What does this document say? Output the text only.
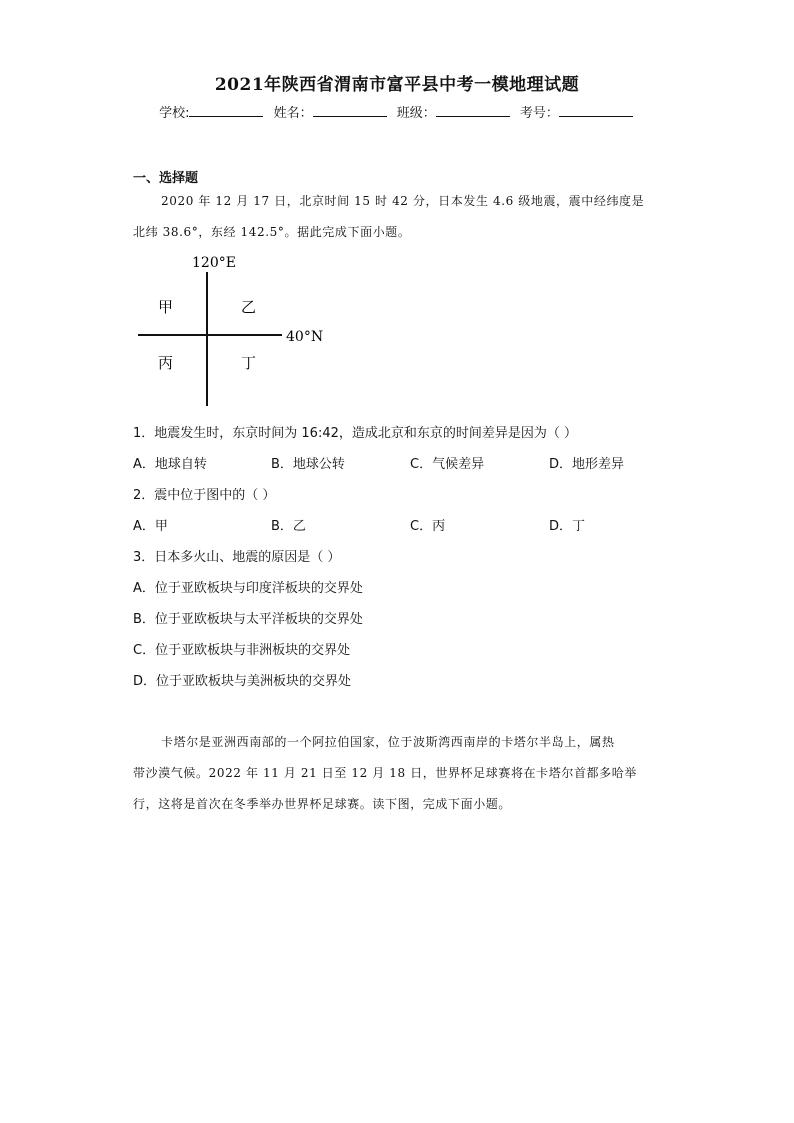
2021年陕西省渭南市富平县中考一模地理试题
学校:	姓名：	班级：	考号：
一、选择题
2020 年 12 月 17 日，北京时间 15 时 42 分，日本发生 4.6 级地震，震中经纬度是
北纬 38.6°，东经 142.5°。据此完成下面小题。
120°E
40°N
甲	乙
丙	丁
1．地震发生时，东京时间为 16:42，造成北京和东京的时间差异是因为（ ）
A．地球自转	B．地球公转	C．气候差异	D．地形差异
2．震中位于图中的（ ）
A．甲	B．乙	C．丙	D．丁
3．日本多火山、地震的原因是（ ）
A．位于亚欧板块与印度洋板块的交界处
B．位于亚欧板块与太平洋板块的交界处
C．位于亚欧板块与非洲板块的交界处
D．位于亚欧板块与美洲板块的交界处
卡塔尔是亚洲西南部的一个阿拉伯国家，位于波斯湾西南岸的卡塔尔半岛上，属热
带沙漠气候。2022 年 11 月 21 日至 12 月 18 日，世界杯足球赛将在卡塔尔首都多哈举
行，这将是首次在冬季举办世界杯足球赛。读下图，完成下面小题。
